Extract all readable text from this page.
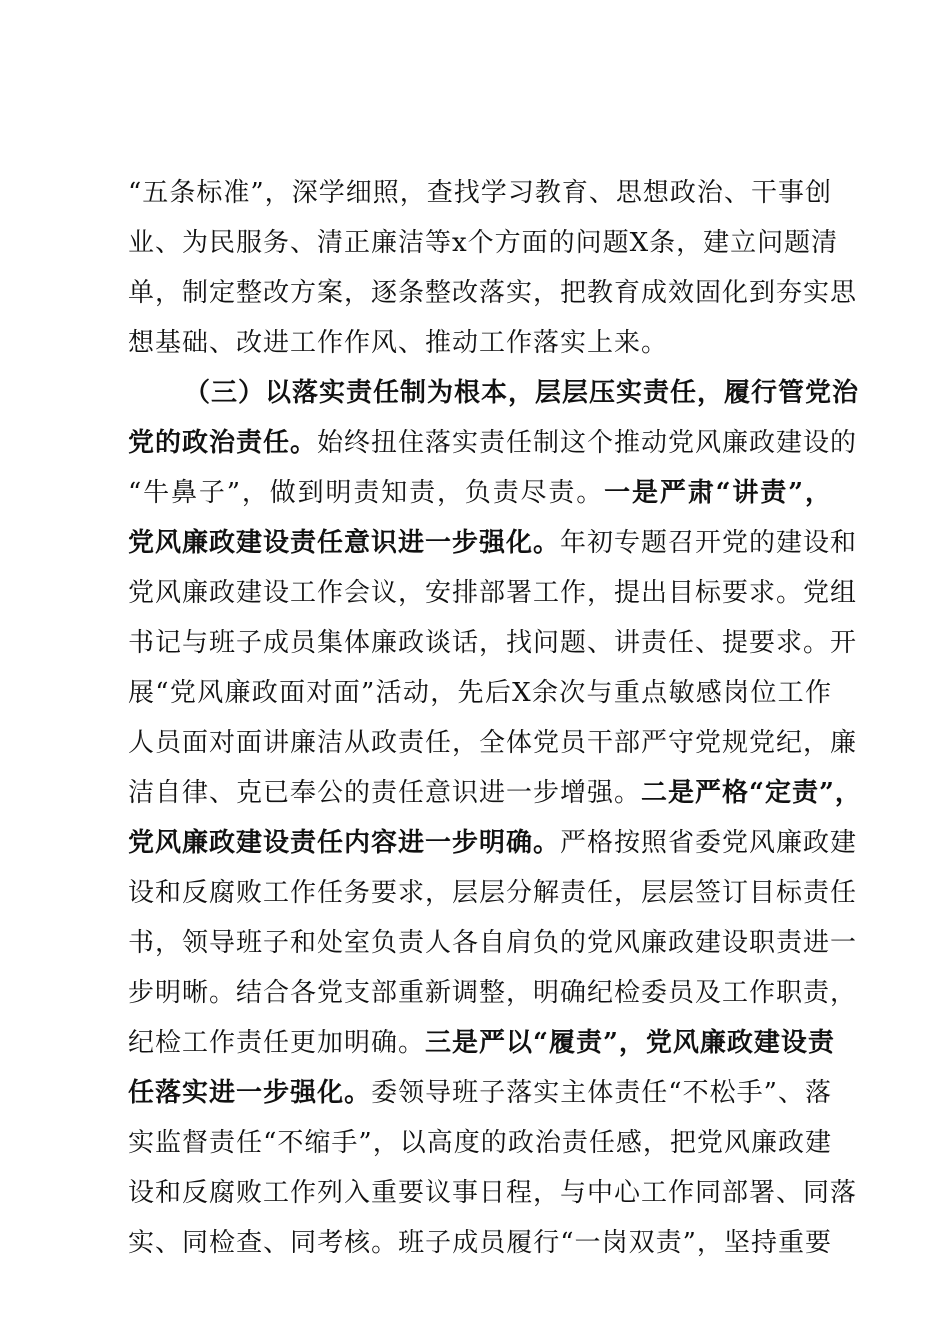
“五条标准”，深学细照，查找学习教育、思想政治、干事创
业、为民服务、清正廉洁等x个方面的问题X条，建立问题清
单，制定整改方案，逐条整改落实，把教育成效固化到夯实思
想基础、改进工作作风、推动工作落实上来。
（三）以落实责任制为根本，层层压实责任，履行管党治
党的政治责任。始终扭住落实责任制这个推动党风廉政建设的
“牛鼻子”，做到明责知责，负责尽责。一是严肃“讲责”，
党风廉政建设责任意识进一步强化。年初专题召开党的建设和
党风廉政建设工作会议，安排部署工作，提出目标要求。党组
书记与班子成员集体廉政谈话，找问题、讲责任、提要求。开
展“党风廉政面对面”活动，先后X余次与重点敏感岗位工作
人员面对面讲廉洁从政责任，全体党员干部严守党规党纪，廉
洁自律、克已奉公的责任意识进一步增强。二是严格“定责”，
党风廉政建设责任内容进一步明确。严格按照省委党风廉政建
设和反腐败工作任务要求，层层分解责任，层层签订目标责任
书，领导班子和处室负责人各自肩负的党风廉政建设职责进一
步明晰。结合各党支部重新调整，明确纪检委员及工作职责，
纪检工作责任更加明确。三是严以“履责”，党风廉政建设责
任落实进一步强化。委领导班子落实主体责任“不松手”、落
实监督责任“不缩手”，以高度的政治责任感，把党风廉政建
设和反腐败工作列入重要议事日程，与中心工作同部署、同落
实、同检查、同考核。班子成员履行“一岗双责”，坚持重要
